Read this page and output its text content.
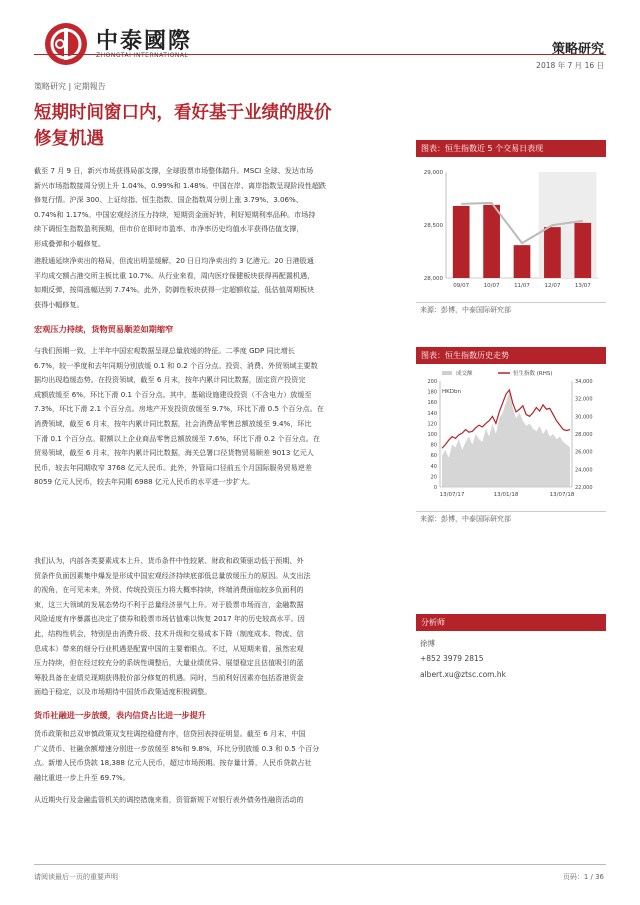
中泰國際
ZHONGTAI INTERNATIONAL	策略研究
2018 年 7 月 16 日
策略研究 | 定期報告
短期时间窗口内，看好基于业绩的股价
修复机遇
截至 7 月 9 日，新兴市场获得局部支撑，全球股票市场整体踏升。MSCI 全球、发达市场
新兴市场指数接周分别上升 1.04%、0.99%和 1.48%。中国在岸、离岸指数呈现阶段性超跌
修复行情。沪深 300、上证综指、恒生指数、国企指数周分别上涨 3.79%、3.06%、
0.74%和 1.17%。中国宏观经济压力持续，短期资金面好转，利好短期利率品种。市场持
续下调恒生指数盈利预期，但市价在即时市盈率、市净率历史均值水平获得估值支撑，
形成叠弹和小幅修复。
港股通延续净卖出的格局，但流出明显缓解，20 日日均净卖出约 3 亿港元。20 日港股通
平均成交额占港交所主板比重 10.7%。从行业来看，周内医疗保健板块获得再配置机遇，
如期反弹，按周涨幅达到 7.74%。此外，防御性板块获得一定超额收益，低估值周期板块
获得小幅修复。
宏观压力持续，货物贸易顺差如期缩窄
与我们预期一致，上半年中国宏观数据呈现总量放缓的特征。二季度 GDP 同比增长
6.7%，较一季度和去年同期分别放缓 0.1 和 0.2 个百分点。投资、消费、外贸领域主要数
据均出现趋缓态势。在投资领域，截至 6 月末，按年内累计同比数据，固定资产投资完
成额放缓至 6%，环比下滑 0.1 个百分点。其中，基础设施建设投资（不含电力）放缓至
7.3%，环比下滑 2.1 个百分点。房地产开发投资放缓至 9.7%，环比下滑 0.5 个百分点。在
消费领域，截至 6 月末，按年内累计同比数据，社会消费品零售总额放缓至 9.4%，环比
下滑 0.1 个百分点。限额以上企业商品零售总额放缓至 7.6%，环比下滑 0.2 个百分点。在
贸易领域，截至 6 月末，按年内累计同比数据，海关总署口径货物贸易顺差 9013 亿元人
民币，较去年同期收窄 3768 亿元人民币。此外，外管局口径前五个月国际服务贸易逆差
8059 亿元人民币，较去年同期 6988 亿元人民币的水平进一步扩大。
我们认为，内部各类要素成本上升、货币条件中性较紧、财政和政策驱动低于预期、外
贸条件负面因素集中爆发是形成中国宏观经济持续底部低总量放缓压力的原因。从支出法
的视角，在可见未来，外贸、传统投资压力将大概率持续，终端消费面临较多负面利的
束，这三大领域的发展态势均不利于总量经济景气上升。对于股票市场而言，金融数据
风险适度有序暴露也决定了债券和股票市场估值难以恢复 2017 年的历史较高水平。因
此，结构性机会，特别是由消费升级、技术升级和交易成本下降（制度成本、物流、信
息成本）带来的细分行业机遇是配置中国的主要着眼点。不过，从短期来看，虽然宏观
压力持续，但在经过较充分的系统性调整后，大量业绩优异、展望稳定且估值吸引的蓝
筹股具备在业绩兑现期获得股价部分修复的机遇。同时，当前利好因素亦包括香港资金
面趋于稳定，以及市场期待中国货币政策适度积极调整。
货币社融进一步放缓，表内信贷占比进一步提升
货币政策和总双审慎政策双支柱调控稳健有序，信贷回表持征明显。截至 6 月末，中国
广义货币、社融余额增速分别进一步放缓至 8%和 9.8%，环比分别放缓 0.3 和 0.5 个百分
点。新增人民币贷款 18,388 亿元人民币，超过市场预期。按存量计算，人民币贷款占社
融比重进一步上升至 69.7%。
从近期央行及金融监管机关的调控措施来看，资管新规下对银行表外债务性融资活动的
图表：恒生指数近 5 个交易日表现
29,000
28,500
28,000
09/07	10/07	11/07	12/07	13/07
来源：彭博，中泰国际研究部
图表：恒生指数历史走势
成交额	恒生指数 (RHS)
HKDbn
200
180
160
140
120
100
80
60
40
20
0
34,000
32,000
30,000
28,000
26,000
24,000
22,000
13/07/17	13/01/18	13/07/18
来源：彭博，中泰国际研究部
分析师
徐博
+852 3979 2815
albert.xu@ztsc.com.hk
请阅读最后一页的重要声明	页码：1 / 36
